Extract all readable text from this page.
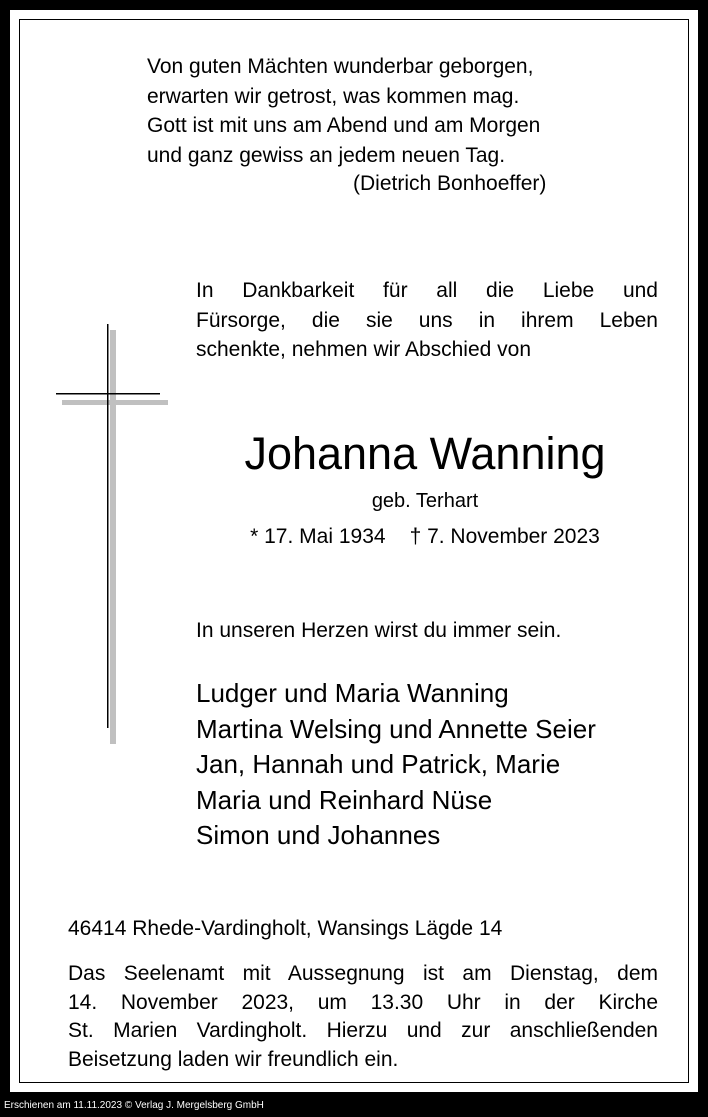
Von guten Mächten wunderbar geborgen,
erwarten wir getrost, was kommen mag.
Gott ist mit uns am Abend und am Morgen
und ganz gewiss an jedem neuen Tag.
(Dietrich Bonhoeffer)
In Dankbarkeit für all die Liebe und
Fürsorge, die sie uns in ihrem Leben
schenkte, nehmen wir Abschied von
Johanna Wanning
geb. Terhart
* 17. Mai 1934 † 7. November 2023
In unseren Herzen wirst du immer sein.
Ludger und Maria Wanning
Martina Welsing und Annette Seier
Jan, Hannah und Patrick, Marie
Maria und Reinhard Nüse
Simon und Johannes
46414 Rhede-Vardingholt, Wansings Lägde 14
Das Seelenamt mit Aussegnung ist am Dienstag, dem
14. November 2023, um 13.30 Uhr in der Kirche
St. Marien Vardingholt. Hierzu und zur anschließenden
Beisetzung laden wir freundlich ein.
Erschienen am 11.11.2023 © Verlag J. Mergelsberg GmbH
